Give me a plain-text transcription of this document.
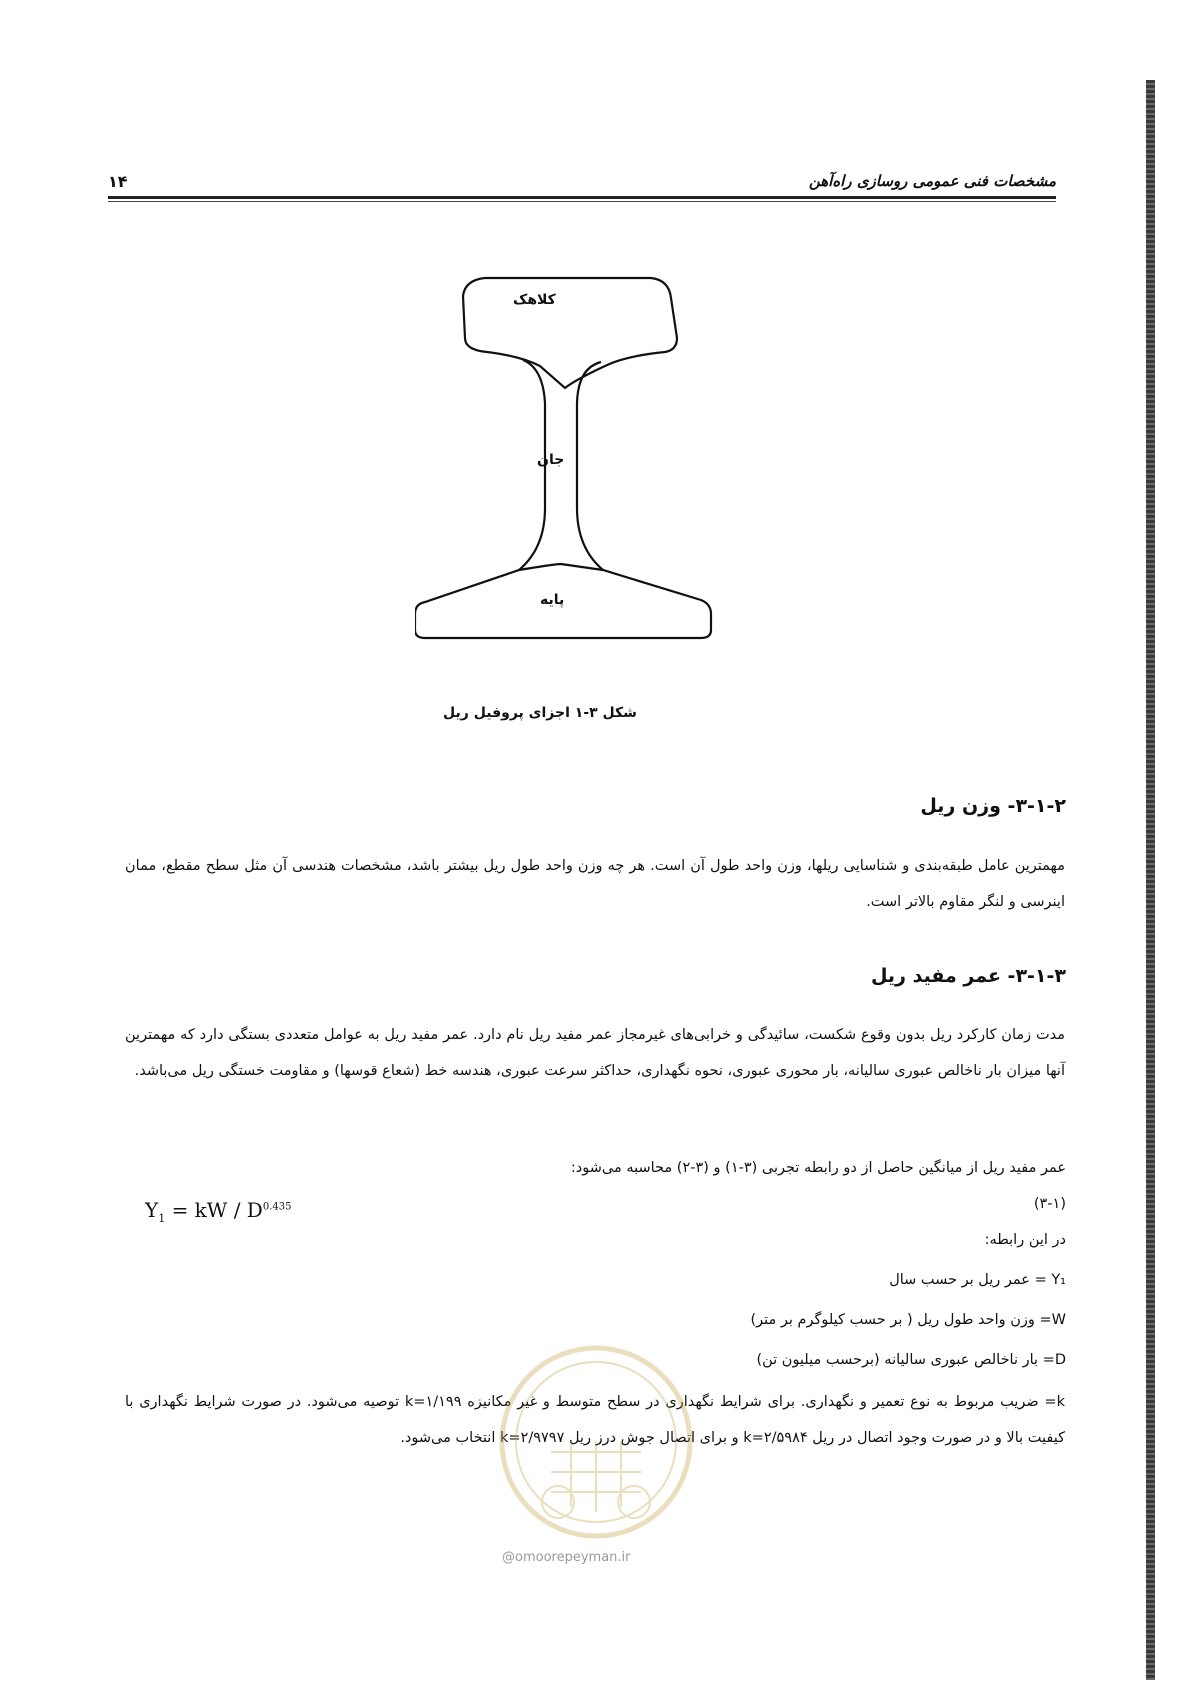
۱۴	مشخصات فنی عمومی روسازی راه‌آهن
کلاهک
جان
پایه
شکل ۳-۱ اجزای پروفیل ریل
۳-۱-۲- وزن ریل
مهمترین عامل طبقه‌بندی و شناسایی ریلها، وزن واحد طول آن است. هر چه وزن واحد طول ریل بیشتر باشد، مشخصات هندسی آن مثل سطح مقطع، ممان اینرسی و لنگر مقاوم بالاتر است.
۳-۱-۳- عمر مفید ریل
مدت زمان کارکرد ریل بدون وقوع شکست، سائیدگی و خرابی‌های غیرمجاز عمر مفید ریل نام دارد. عمر مفید ریل به عوامل متعددی بستگی دارد که مهمترین آنها میزان بار ناخالص عبوری سالیانه، بار محوری عبوری، نحوه نگهداری، حداکثر سرعت عبوری، هندسه خط (شعاع قوسها) و مقاومت خستگی ریل می‌باشد.
عمر مفید ریل از میانگین حاصل از دو رابطه تجربی (۳-۱) و (۳-۲) محاسبه می‌شود:
(۳-۱)
$Y_1$ = kW / $D^{0.435}$
در این رابطه:
Y₁ = عمر ریل بر حسب سال
W= وزن واحد طول ریل ( بر حسب کیلوگرم بر متر)
D= بار ناخالص عبوری سالیانه (برحسب میلیون تن)
k= ضریب مربوط به نوع تعمیر و نگهداری. برای شرایط نگهداری در سطح متوسط و غیر مکانیزه k=۱/۱۹۹ توصیه می‌شود. در صورت شرایط نگهداری با کیفیت بالا و در صورت وجود اتصال در ریل k=۲/۵۹۸۴ و برای اتصال جوش درز ریل k=۲/۹۷۹۷ انتخاب می‌شود.
@omoorepeyman.ir
